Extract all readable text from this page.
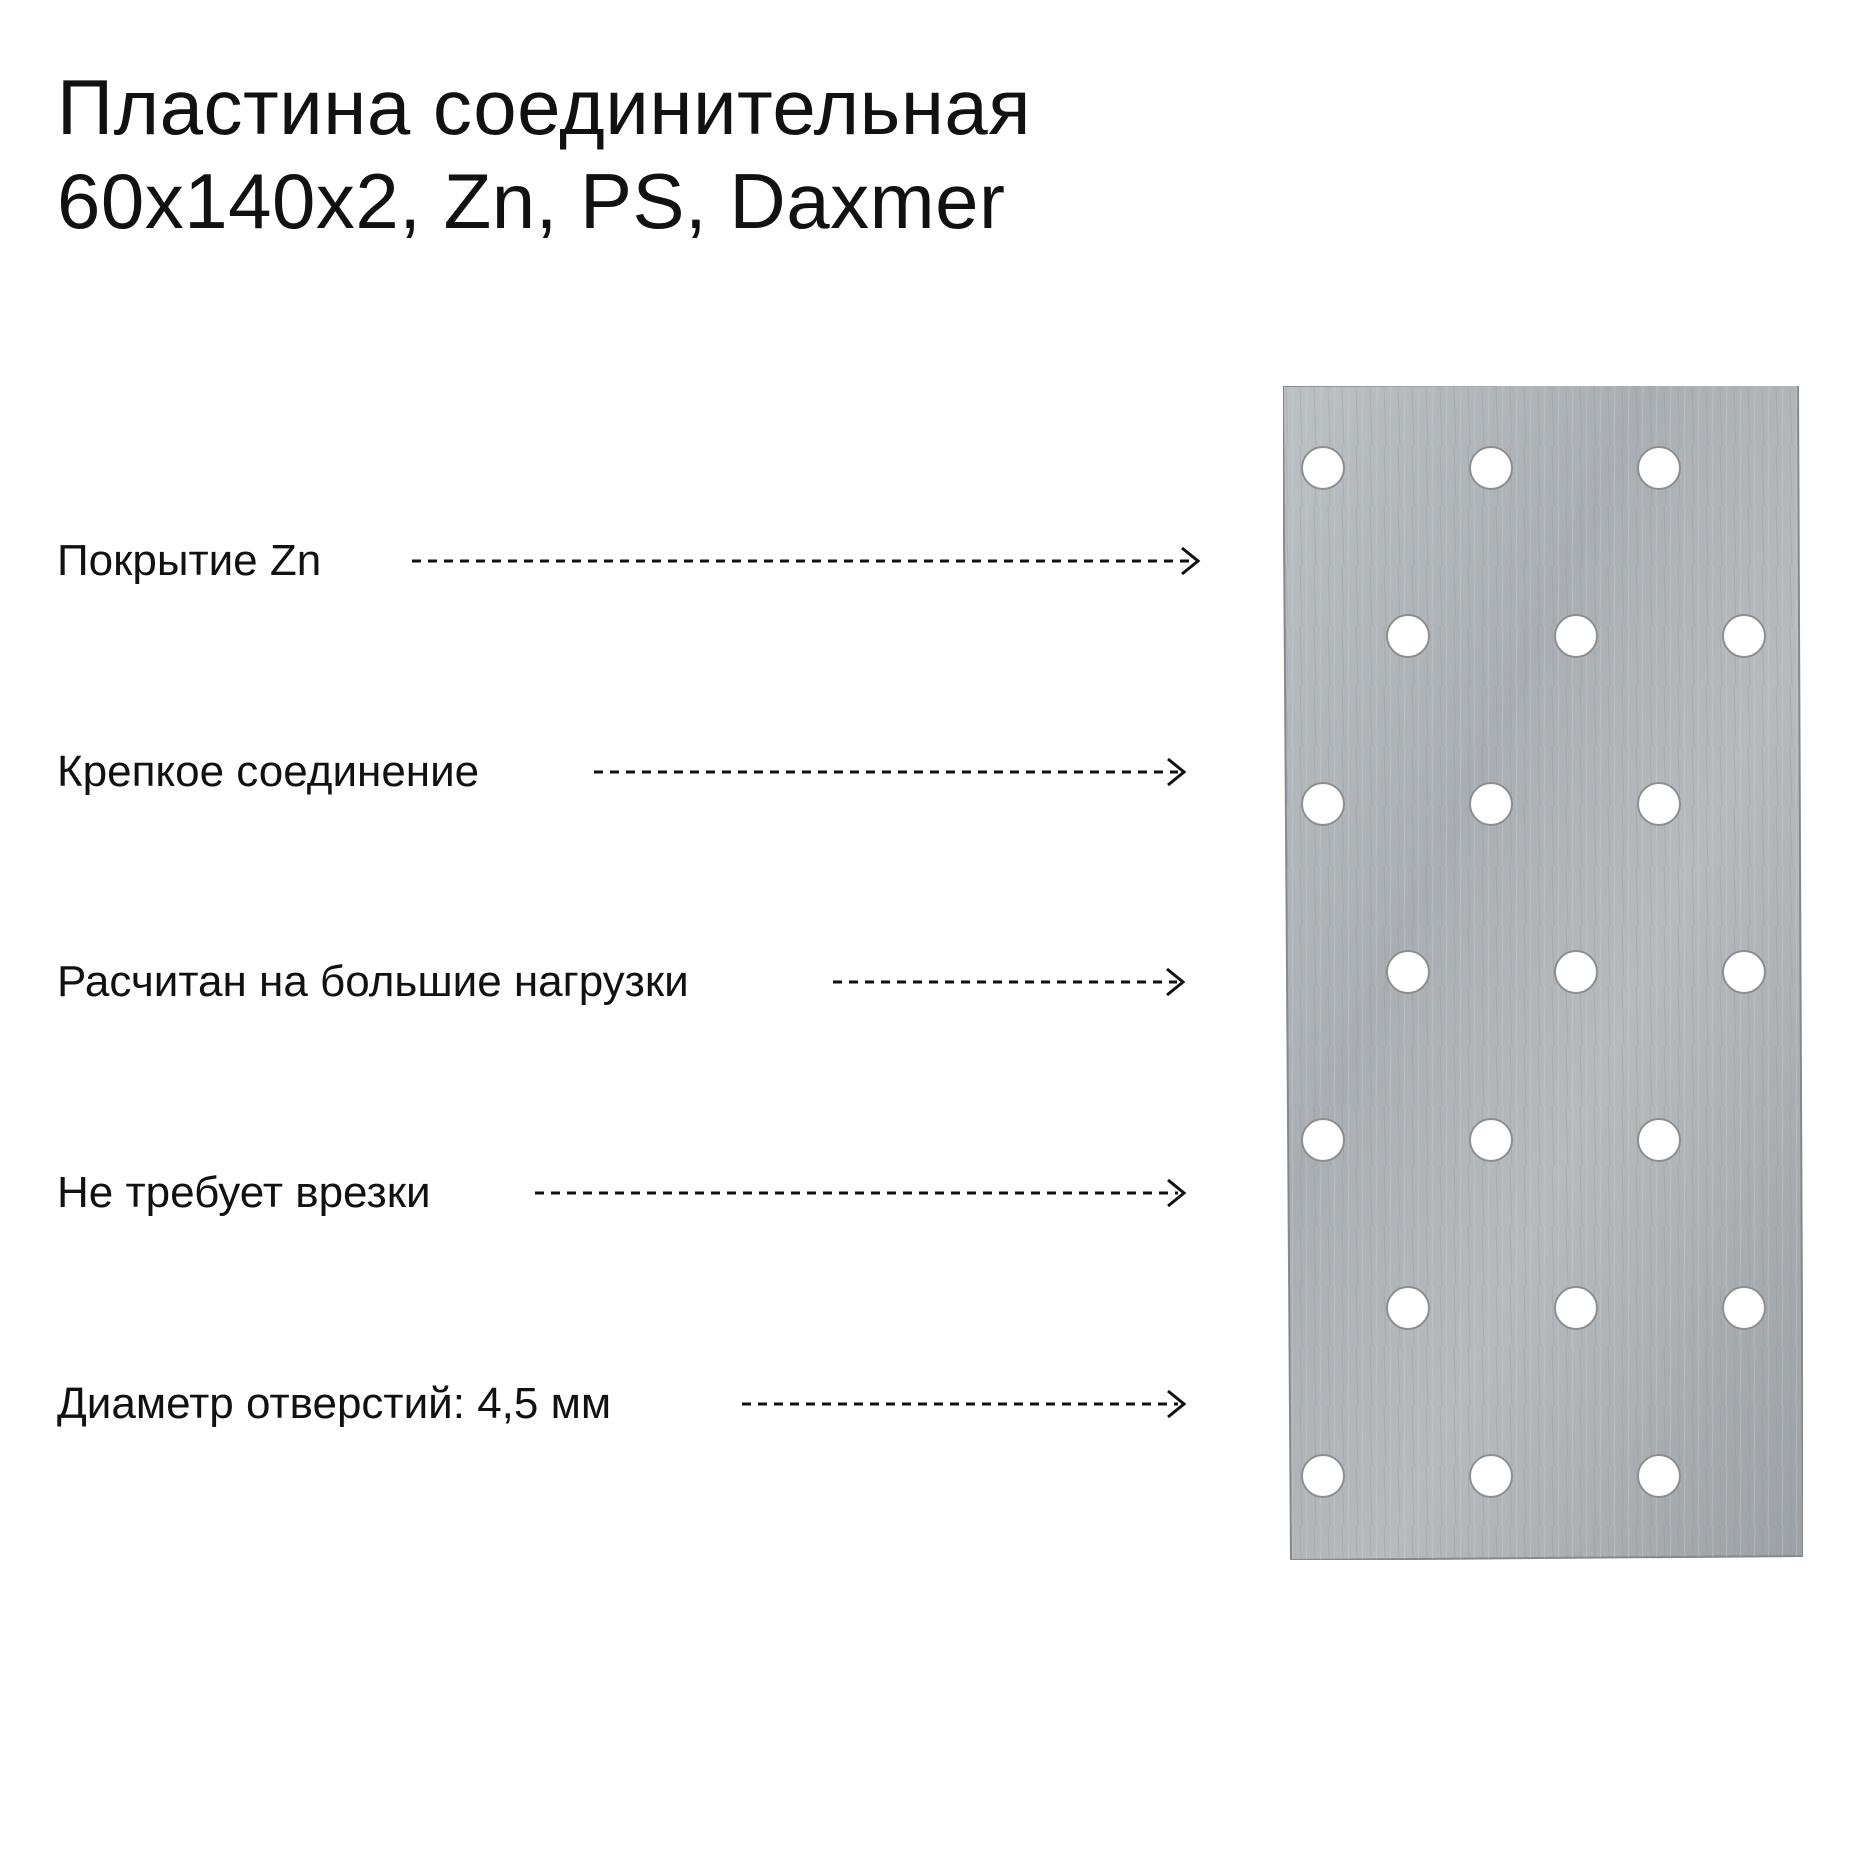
Пластина соединительная
60x140x2, Zn, PS, Daxmer
Покрытие Zn
Крепкое соединение
Расчитан на большие нагрузки
Не требует врезки
Диаметр отверстий: 4,5 мм
